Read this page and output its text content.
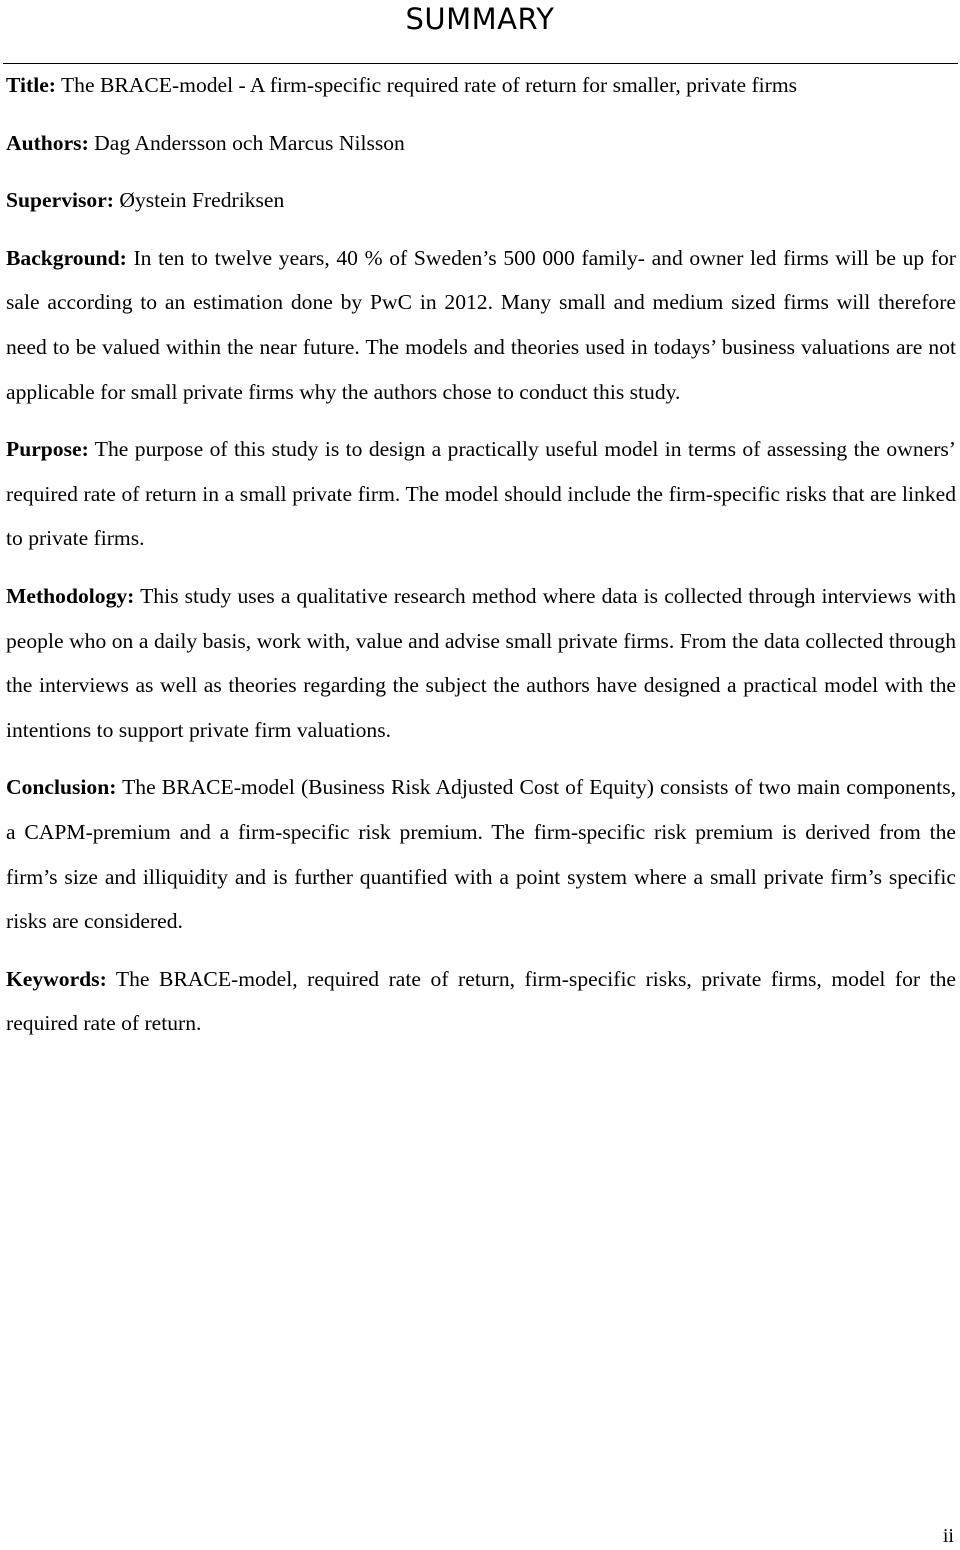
SUMMARY

Title: The BRACE-model - A firm-specific required rate of return for smaller, private firms

Authors: Dag Andersson och Marcus Nilsson

Supervisor: Øystein Fredriksen

Background: In ten to twelve years, 40 % of Sweden’s 500 000 family- and owner led firms will be up for sale according to an estimation done by PwC in 2012. Many small and medium sized firms will therefore need to be valued within the near future. The models and theories used in todays’ business valuations are not applicable for small private firms why the authors chose to conduct this study.

Purpose: The purpose of this study is to design a practically useful model in terms of assessing the owners’ required rate of return in a small private firm. The model should include the firm-specific risks that are linked to private firms.

Methodology: This study uses a qualitative research method where data is collected through interviews with people who on a daily basis, work with, value and advise small private firms. From the data collected through the interviews as well as theories regarding the subject the authors have designed a practical model with the intentions to support private firm valuations.

Conclusion: The BRACE-model (Business Risk Adjusted Cost of Equity) consists of two main components, a CAPM-premium and a firm-specific risk premium. The firm-specific risk premium is derived from the firm’s size and illiquidity and is further quantified with a point system where a small private firm’s specific risks are considered.

Keywords: The BRACE-model, required rate of return, firm-specific risks, private firms, model for the required rate of return.

ii
